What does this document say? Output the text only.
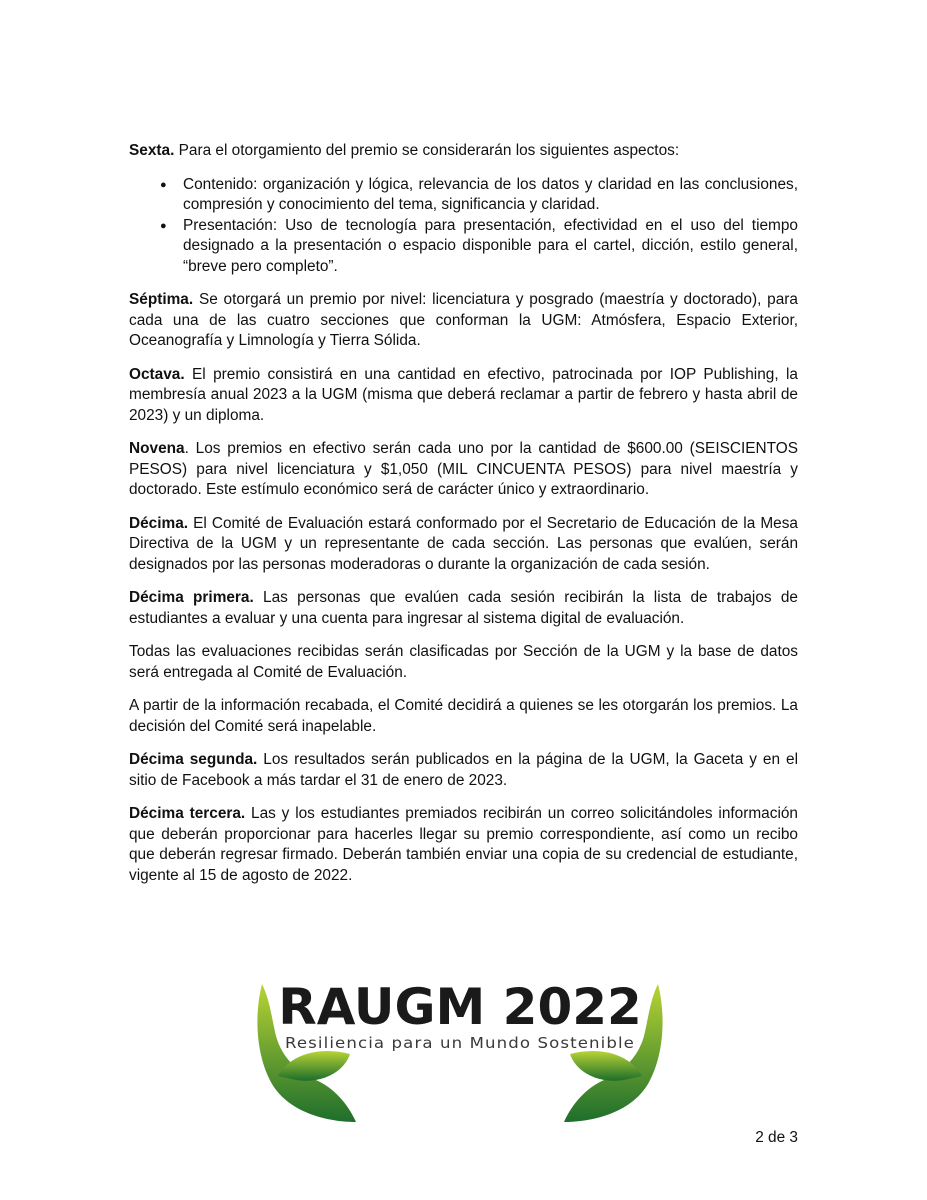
Sexta. Para el otorgamiento del premio se considerarán los siguientes aspectos:

● Contenido: organización y lógica, relevancia de los datos y claridad en las conclusiones, compresión y conocimiento del tema, significancia y claridad.
● Presentación: Uso de tecnología para presentación, efectividad en el uso del tiempo designado a la presentación o espacio disponible para el cartel, dicción, estilo general, “breve pero completo”.

Séptima. Se otorgará un premio por nivel: licenciatura y posgrado (maestría y doctorado), para cada una de las cuatro secciones que conforman la UGM: Atmósfera, Espacio Exterior, Oceanografía y Limnología y Tierra Sólida.

Octava. El premio consistirá en una cantidad en efectivo, patrocinada por IOP Publishing, la membresía anual 2023 a la UGM (misma que deberá reclamar a partir de febrero y hasta abril de 2023) y un diploma.

Novena. Los premios en efectivo serán cada uno por la cantidad de $600.00 (SEISCIENTOS PESOS) para nivel licenciatura y $1,050 (MIL CINCUENTA PESOS) para nivel maestría y doctorado. Este estímulo económico será de carácter único y extraordinario.

Décima. El Comité de Evaluación estará conformado por el Secretario de Educación de la Mesa Directiva de la UGM y un representante de cada sección. Las personas que evalúen, serán designados por las personas moderadoras o durante la organización de cada sesión.

Décima primera. Las personas que evalúen cada sesión recibirán la lista de trabajos de estudiantes a evaluar y una cuenta para ingresar al sistema digital de evaluación.

Todas las evaluaciones recibidas serán clasificadas por Sección de la UGM y la base de datos será entregada al Comité de Evaluación.

A partir de la información recabada, el Comité decidirá a quienes se les otorgarán los premios. La decisión del Comité será inapelable.

Décima segunda. Los resultados serán publicados en la página de la UGM, la Gaceta y en el sitio de Facebook a más tardar el 31 de enero de 2023.

Décima tercera. Las y los estudiantes premiados recibirán un correo solicitándoles información que deberán proporcionar para hacerles llegar su premio correspondiente, así como un recibo que deberán regresar firmado. Deberán también enviar una copia de su credencial de estudiante, vigente al 15 de agosto de 2022.

RAUGM 2022
Resiliencia para un Mundo Sostenible
2 de 3
